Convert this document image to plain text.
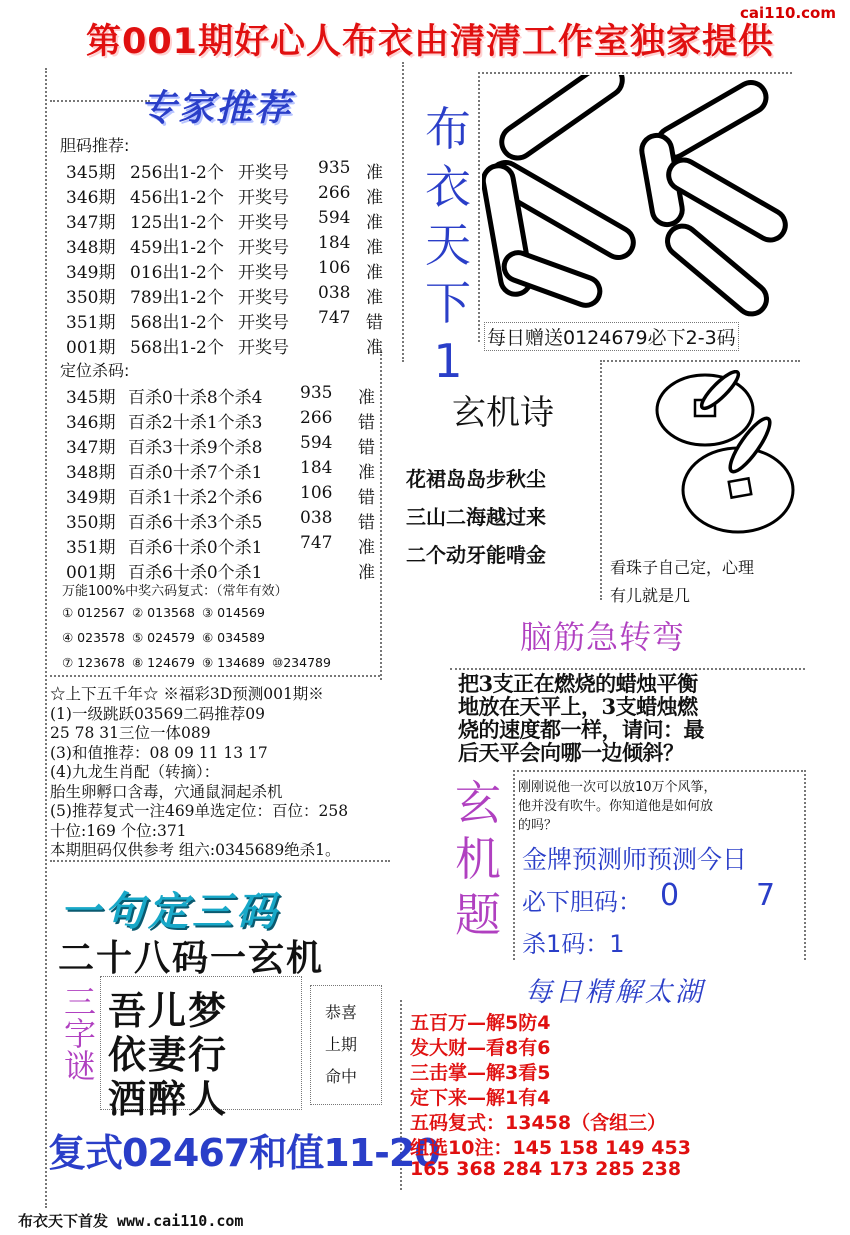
cai110.com
第001期好心人布衣由清清工作室独家提供
专家推荐
胆码推荐:
345期 256出1-2个 开奖号 935 准
346期 456出1-2个 开奖号 266 准
347期 125出1-2个 开奖号 594 准
348期 459出1-2个 开奖号 184 准
349期 016出1-2个 开奖号 106 准
350期 789出1-2个 开奖号 038 准
351期 568出1-2个 开奖号 747 错
001期 568出1-2个 开奖号	准
定位杀码:
345期 百杀0十杀8个杀4 935 准
346期 百杀2十杀1个杀3 266 错
347期 百杀3十杀9个杀8 594 错
348期 百杀0十杀7个杀1 184 准
349期 百杀1十杀2个杀6 106 错
350期 百杀6十杀3个杀5 038 错
351期 百杀6十杀0个杀1 747 准
001期 百杀6十杀0个杀1	准
万能100%中奖六码复式：（常年有效）
① 012567 ② 013568 ③ 014569
④ 023578 ⑤ 024579 ⑥ 034589
⑦ 123678 ⑧ 124679 ⑨ 134689 ⑩234789
☆上下五千年☆ ※福彩3D预测001期※
(1)一级跳跃03569二码推荐09
25 78 31三位一体089
(3)和值推荐：08 09 11 13 17
(4)九龙生肖配（转摘）：
胎生卵孵口含毒，穴通鼠洞起杀机
(5)推荐复式一注469单选定位：百位：258
十位:169 个位:371
本期胆码仅供参考 组六:0345689绝杀1。
一句定三码
二十八码一玄机
三字谜 吾儿梦
依妻行
酒醉人
恭喜
上期
命中
复式02467和值11-20
布衣天下首发 www.cai110.com
布衣天下1	每日赠送0124679必下2-3码
玄机诗
花裙岛岛步秋尘
三山二海越过来
二个动牙能啃金
看珠子自己定，心理
有儿就是几
脑筋急转弯
把3支正在燃烧的蜡烛平衡
地放在天平上，3支蜡烛燃
烧的速度都一样，请问：最
后天平会向哪一边倾斜？
玄机题
刚刚说他一次可以放10万个风筝，
他并没有吹牛。你知道他是如何放
的吗？
金牌预测师预测今日
必下胆码： 0	7
杀1码：1
每日精解太湖
五百万—解5防4
发大财—看8有6
三击掌—解3看5
定下来—解1有4
五码复式：13458（含组三）
组选10注：145 158 149 453
165 368 284 173 285 238
